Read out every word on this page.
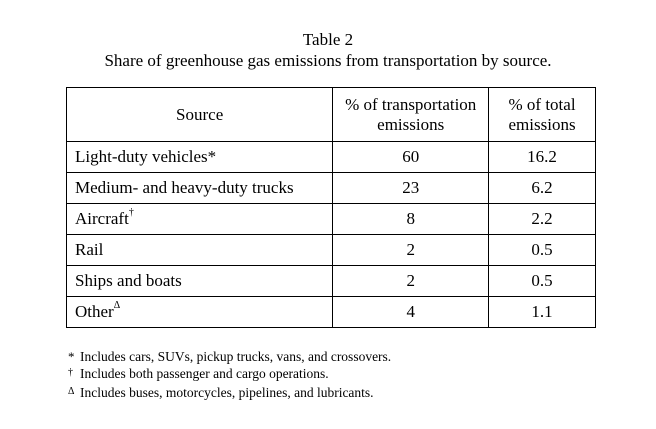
Table 2
Share of greenhouse gas emissions from transportation by source.
Source	% of transportation emissions	% of total emissions
Light-duty vehicles*	60	16.2
Medium- and heavy-duty trucks	23	6.2
Aircraft†	8	2.2
Rail	2	0.5
Ships and boats	2	0.5
Other$^\Delta$	4	1.1
* Includes cars, SUVs, pickup trucks, vans, and crossovers.
† Includes both passenger and cargo operations.
Δ Includes buses, motorcycles, pipelines, and lubricants.
